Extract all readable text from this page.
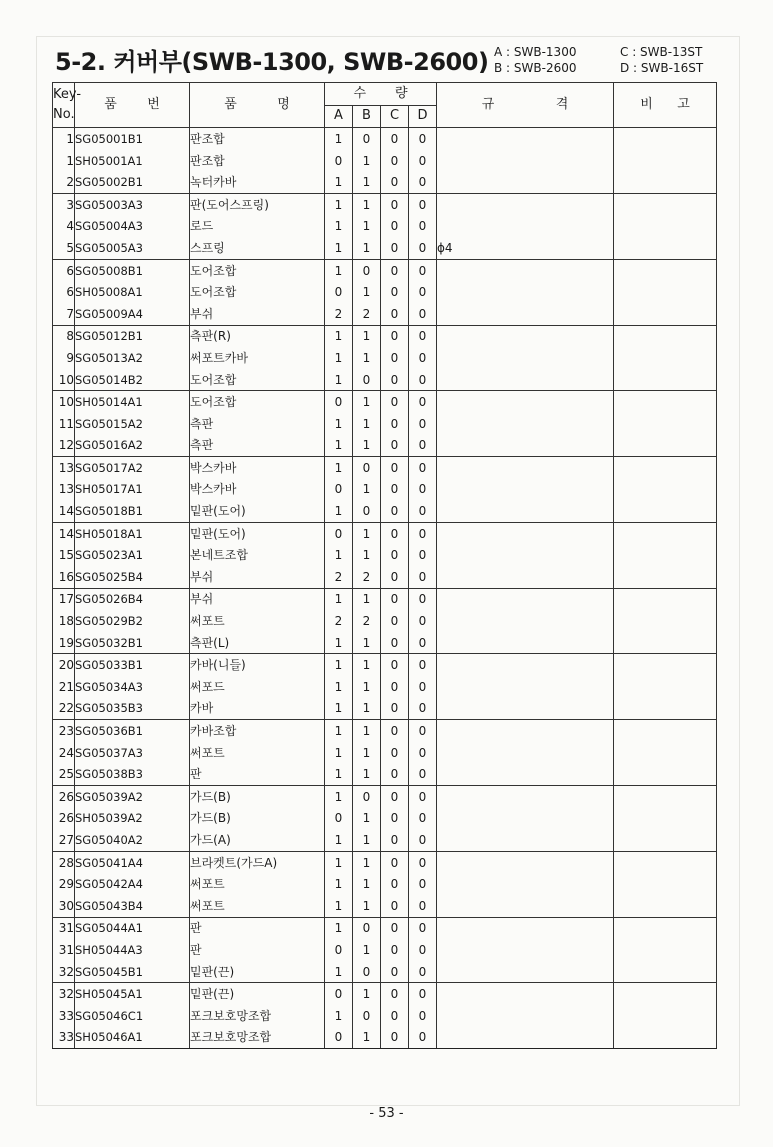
5-2. 커버부(SWB-1300, SWB-2600) A : SWB-1300
B : SWB-2600
C : SWB-13ST
D : SWB-16ST
Key-
No.	품 번	품 명	수 량				규 격	비 고

			A	B	C	D		
1	SG05001B1	판조합	1	0	0	0		
1	SH05001A1	판조합	0	1	0	0		
2	SG05002B1	녹터카바	1	1	0	0		
3	SG05003A3	판(도어스프링)	1	1	0	0		
4	SG05004A3	로드	1	1	0	0		
5	SG05005A3	스프링	1	1	0	0	ϕ4	
6	SG05008B1	도어조합	1	0	0	0		
6	SH05008A1	도어조합	0	1	0	0		
7	SG05009A4	부쉬	2	2	0	0		
8	SG05012B1	측판(R)	1	1	0	0		
9	SG05013A2	써포트카바	1	1	0	0		
10	SG05014B2	도어조합	1	0	0	0		
10	SH05014A1	도어조합	0	1	0	0		
11	SG05015A2	측판	1	1	0	0		
12	SG05016A2	측판	1	1	0	0		
13	SG05017A2	박스카바	1	0	0	0		
13	SH05017A1	박스카바	0	1	0	0		
14	SG05018B1	밑판(도어)	1	0	0	0		
14	SH05018A1	밑판(도어)	0	1	0	0		
15	SG05023A1	본네트조합	1	1	0	0		
16	SG05025B4	부쉬	2	2	0	0		
17	SG05026B4	부쉬	1	1	0	0		
18	SG05029B2	써포트	2	2	0	0		
19	SG05032B1	측판(L)	1	1	0	0		
20	SG05033B1	카바(니들)	1	1	0	0		
21	SG05034A3	써포드	1	1	0	0		
22	SG05035B3	카바	1	1	0	0		
23	SG05036B1	카바조합	1	1	0	0		
24	SG05037A3	써포트	1	1	0	0		
25	SG05038B3	판	1	1	0	0		
26	SG05039A2	가드(B)	1	0	0	0		
26	SH05039A2	가드(B)	0	1	0	0		
27	SG05040A2	가드(A)	1	1	0	0		
28	SG05041A4	브라켓트(가드A)	1	1	0	0		
29	SG05042A4	써포트	1	1	0	0		
30	SG05043B4	써포트	1	1	0	0		
31	SG05044A1	판	1	0	0	0		
31	SH05044A3	판	0	1	0	0		
32	SG05045B1	밑판(끈)	1	0	0	0		
32	SH05045A1	밑판(끈)	0	1	0	0		
33	SG05046C1	포크보호망조합	1	0	0	0		
33	SH05046A1	포크보호망조합	0	1	0	0		
- 53 -
